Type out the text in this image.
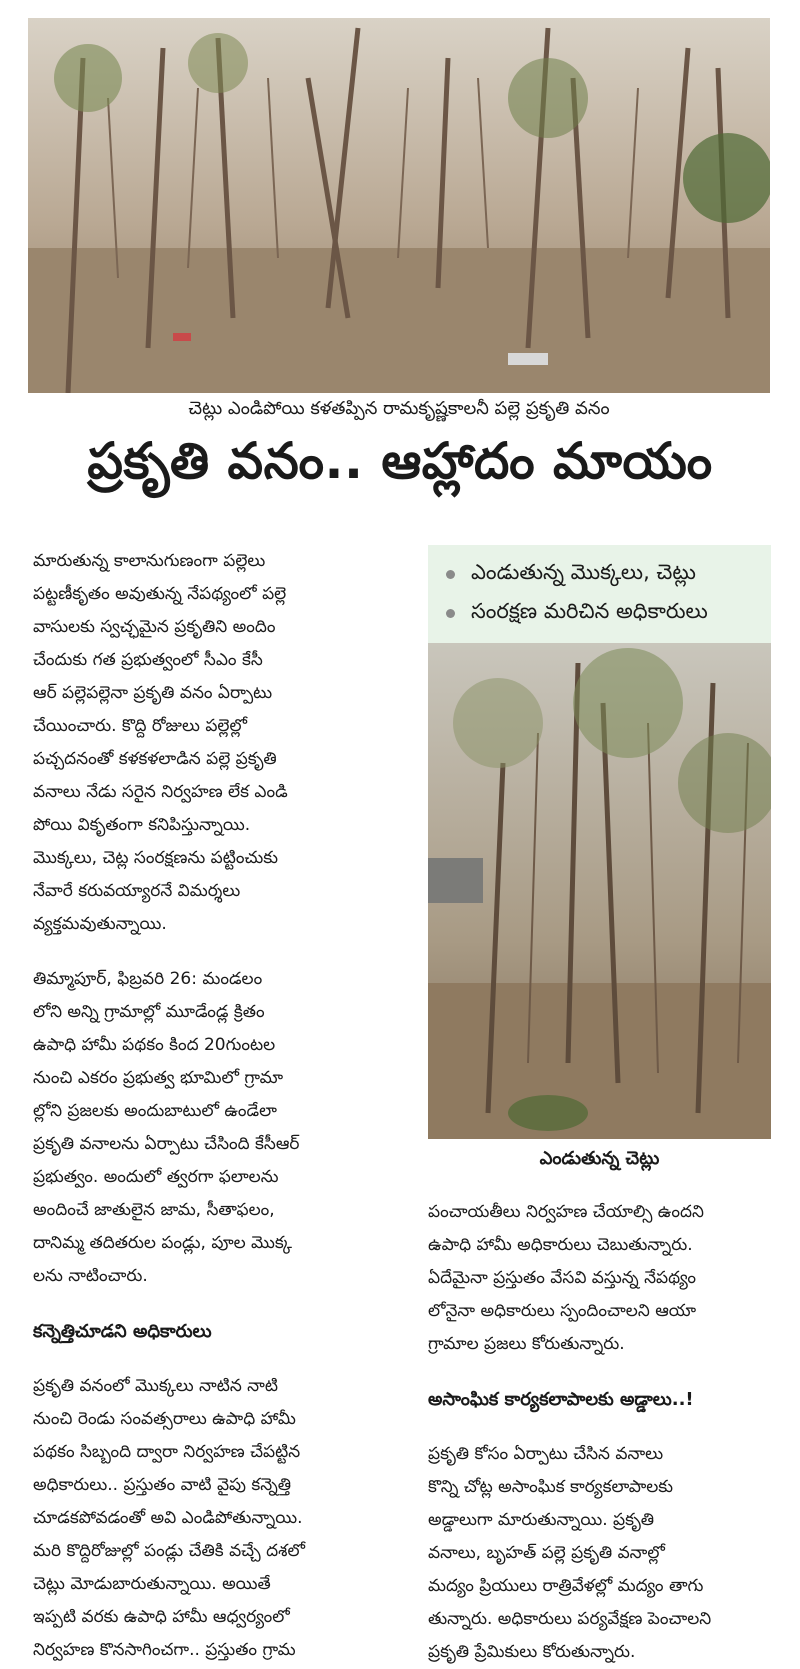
చెట్లు ఎండిపోయి కళతప్పిన రామకృష్ణకాలనీ పల్లె ప్రకృతి వనం
ప్రకృతి వనం.. ఆహ్లాదం మాయం
ఎండుతున్న మొక్కలు, చెట్లు
సంరక్షణ మరిచిన అధికారులు
ఎండుతున్న చెట్లు

మారుతున్న కాలానుగుణంగా పల్లెలు

పట్టణీకృతం అవుతున్న నేపథ్యంలో పల్లె

వాసులకు స్వచ్ఛమైన ప్రకృతిని అందిం

చేందుకు గత ప్రభుత్వంలో సీఎం కేసీ

ఆర్ పల్లెపల్లెనా ప్రకృతి వనం ఏర్పాటు

చేయించారు. కొద్ది రోజులు పల్లెల్లో

పచ్చదనంతో కళకళలాడిన పల్లె ప్రకృతి

వనాలు నేడు సరైన నిర్వహణ లేక ఎండి

పోయి వికృతంగా కనిపిస్తున్నాయి.

మొక్కలు, చెట్ల సంరక్షణను పట్టించుకు

నేవారే కరువయ్యారనే విమర్శలు

వ్యక్తమవుతున్నాయి.

తిమ్మాపూర్, ఫిబ్రవరి 26: మండలం

లోని అన్ని గ్రామాల్లో మూడేండ్ల క్రితం

ఉపాధి హామీ పథకం కింద 20గుంటల

నుంచి ఎకరం ప్రభుత్వ భూమిలో గ్రామా

ల్లోని ప్రజలకు అందుబాటులో ఉండేలా

ప్రకృతి వనాలను ఏర్పాటు చేసింది కేసీఆర్

ప్రభుత్వం. అందులో త్వరగా ఫలాలను

అందించే జాతులైన జామ, సీతాఫలం,

దానిమ్మ తదితరుల పండ్లు, పూల మొక్క

లను నాటించారు.

కన్నెత్తిచూడని అధికారులు

ప్రకృతి వనంలో మొక్కలు నాటిన నాటి

నుంచి రెండు సంవత్సరాలు ఉపాధి హామీ

పథకం సిబ్బంది ద్వారా నిర్వహణ చేపట్టిన

అధికారులు.. ప్రస్తుతం వాటి వైపు కన్నెత్తి

చూడకపోవడంతో అవి ఎండిపోతున్నాయి.

మరి కొద్దిరోజుల్లో పండ్లు చేతికి వచ్చే దశలో

చెట్లు మోడుబారుతున్నాయి. అయితే

ఇప్పటి వరకు ఉపాధి హామీ ఆధ్వర్యంలో

నిర్వహణ కొనసాగించగా.. ప్రస్తుతం గ్రామ

పంచాయతీలు నిర్వహణ చేయాల్సి ఉందని

ఉపాధి హామీ అధికారులు చెబుతున్నారు.

ఏదేమైనా ప్రస్తుతం వేసవి వస్తున్న నేపథ్యం

లోనైనా అధికారులు స్పందించాలని ఆయా

గ్రామాల ప్రజలు కోరుతున్నారు.

అసాంఘిక కార్యకలాపాలకు అడ్డాలు..!

ప్రకృతి కోసం ఏర్పాటు చేసిన వనాలు

కొన్ని చోట్ల అసాంఘిక కార్యకలాపాలకు

అడ్డాలుగా మారుతున్నాయి. ప్రకృతి

వనాలు, బృహత్ పల్లె ప్రకృతి వనాల్లో

మద్యం ప్రియులు రాత్రివేళల్లో మద్యం తాగు

తున్నారు. అధికారులు పర్యవేక్షణ పెంచాలని

ప్రకృతి ప్రేమికులు కోరుతున్నారు.
